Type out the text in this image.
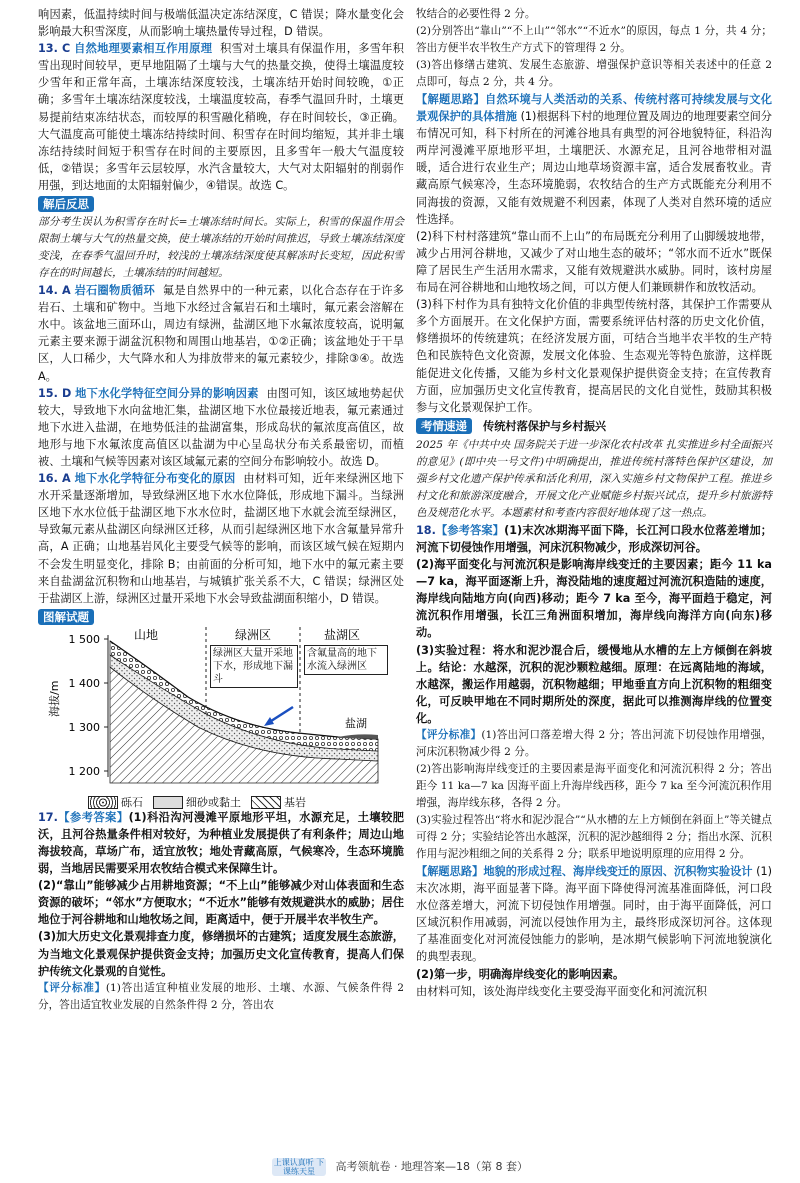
响因素，低温持续时间与极端低温决定冻结深度，C 错误；降水量变化会影响最大积雪深度，从而影响土壤热量传导过程，D 错误。

13. C 自然地理要素相互作用原理 积雪对土壤具有保温作用，多雪年积雪出现时间较早，更早地阻隔了土壤与大气的热量交换，使得土壤温度较少雪年和正常年高，土壤冻结深度较浅，土壤冻结开始时间较晚，①正确；多雪年土壤冻结深度较浅，土壤温度较高，春季气温回升时，土壤更易提前结束冻结状态，而较厚的积雪融化稍晚，存在时间较长，③正确。大气温度高可能使土壤冻结持续时间、积雪存在时间均缩短，其并非土壤冻结持续时间短于积雪存在时间的主要原因，且多雪年一般大气温度较低，②错误；多雪年云层较厚，水汽含量较大，大气对太阳辐射的削弱作用强，到达地面的太阳辐射偏少，④错误。故选 C。

解后反思

部分考生误认为积雪存在时长=土壤冻结时间长。实际上，积雪的保温作用会限制土壤与大气的热量交换，使土壤冻结的开始时间推迟，导致土壤冻结深度变浅，在春季气温回升时，较浅的土壤冻结深度使其解冻时长变短，因此积雪存在的时间越长，土壤冻结的时间越短。

14. A 岩石圈物质循环 氟是自然界中的一种元素，以化合态存在于许多岩石、土壤和矿物中。当地下水经过含氟岩石和土壤时，氟元素会溶解在水中。该盆地三面环山，周边有绿洲，盐湖区地下水氟浓度较高，说明氟元素主要来源于湖盆沉积物和周围山地基岩，①②正确；该盆地处于干旱区，人口稀少，大气降水和人为排放带来的氟元素较少，排除③④。故选 A。

15. D 地下水化学特征空间分异的影响因素 由图可知，该区域地势起伏较大，导致地下水向盆地汇集，盐湖区地下水位最接近地表，氟元素通过地下水进入盐湖，在地势低洼的盐湖富集，形成岛状的氟浓度高值区，故地形与地下水氟浓度高值区以盐湖为中心呈岛状分布关系最密切，而植被、土壤和气候等因素对该区域氟元素的空间分布影响较小。故选 D。

16. A 地下水化学特征分布变化的原因 由材料可知，近年来绿洲区地下水开采量逐渐增加，导致绿洲区地下水水位降低，形成地下漏斗。当绿洲区地下水水位低于盐湖区地下水水位时，盐湖区地下水就会流至绿洲区，导致氟元素从盐湖区向绿洲区迁移，从而引起绿洲区地下水含氟量异常升高，A 正确；山地基岩风化主要受气候等的影响，而该区域气候在短期内不会发生明显变化，排除 B；由前面的分析可知，地下水中的氟元素主要来自盐湖盆沉积物和山地基岩，与城镇扩张关系不大，C 错误；绿洲区处于盐湖区上游，绿洲区过量开采地下水会导致盐湖面积缩小，D 错误。

图解试题
1 500
1 400
1 300
1 200
海拔/m
山地	绿洲区	盐湖区
盐湖
绿洲区大量开采地下水，形成地下漏斗
含氟量高的地下水流入绿洲区
砾石	细砂或黏土	基岩

17.【参考答案】(1)科沿沟河漫滩平原地形平坦，水源充足，土壤较肥沃，且河谷热量条件相对较好，为种植业发展提供了有利条件；周边山地海拔较高，草场广布，适宜放牧；地处青藏高原，气候寒冷，生态环境脆弱，当地居民需要采用农牧结合模式来保障生计。

(2)“靠山”能够减少占用耕地资源；“不上山”能够减少对山体表面和生态资源的破坏；“邻水”方便取水；“不近水”能够有效规避洪水的威胁；居住地位于河谷耕地和山地牧场之间，距离适中，便于开展半农半牧生产。

(3)加大历史文化景观排查力度，修缮损坏的古建筑；适度发展生态旅游，为当地文化景观保护提供资金支持；加强历史文化宣传教育，提高人们保护传统文化景观的自觉性。

【评分标准】(1)答出适宜种植业发展的地形、土壤、水源、气候条件得 2 分，答出适宜牧业发展的自然条件得 2 分，答出农

牧结合的必要性得 2 分。

(2)分别答出“靠山”“不上山”“邻水”“不近水”的原因，每点 1 分，共 4 分；答出方便半农半牧生产方式下的管理得 2 分。

(3)答出修缮古建筑、发展生态旅游、增强保护意识等相关表述中的任意 2 点即可，每点 2 分，共 4 分。

【解题思路】自然环境与人类活动的关系、传统村落可持续发展与文化景观保护的具体措施 (1)根据科下村的地理位置及周边的地理要素空间分布情况可知，科下村所在的河滩谷地具有典型的河谷地貌特征，科沿沟两岸河漫滩平原地形平坦，土壤肥沃、水源充足，且河谷地带相对温暖，适合进行农业生产；周边山地草场资源丰富，适合发展畜牧业。青藏高原气候寒冷，生态环境脆弱，农牧结合的生产方式既能充分利用不同海拔的资源，又能有效规避不利因素，体现了人类对自然环境的适应性选择。

(2)科下村村落建筑“靠山而不上山”的布局既充分利用了山脚缓坡地带，减少占用河谷耕地，又减少了对山地生态的破坏；“邻水而不近水”既保障了居民生产生活用水需求，又能有效规避洪水威胁。同时，该村房屋布局在河谷耕地和山地牧场之间，可以方便人们兼顾耕作和放牧活动。

(3)科下村作为具有独特文化价值的非典型传统村落，其保护工作需要从多个方面展开。在文化保护方面，需要系统评估村落的历史文化价值，修缮损坏的传统建筑；在经济发展方面，可结合当地半农半牧的生产特色和民族特色文化资源，发展文化体验、生态观光等特色旅游，这样既能促进文化传播，又能为乡村文化景观保护提供资金支持；在宣传教育方面，应加强历史文化宣传教育，提高居民的文化自觉性，鼓励其积极参与文化景观保护工作。

考情速递	传统村落保护与乡村振兴

2025 年《中共中央 国务院关于进一步深化农村改革 扎实推进乡村全面振兴的意见》(即中央一号文件)中明确提出，推进传统村落特色保护区建设，加强乡村文化遗产保护传承和活化利用，深入实施乡村文物保护工程。推进乡村文化和旅游深度融合，开展文化产业赋能乡村振兴试点，提升乡村旅游特色及规范化水平。本题素材和考查内容很好地体现了这一热点。

18.【参考答案】(1)末次冰期海平面下降，长江河口段水位落差增加；河流下切侵蚀作用增强，河床沉积物减少，形成深切河谷。

(2)海平面变化与河流沉积是影响海岸线变迁的主要因素；距今 11 ka—7 ka，海平面逐渐上升，海没陆地的速度超过河流沉积造陆的速度，海岸线向陆地方向(向西)移动；距今 7 ka 至今，海平面趋于稳定，河流沉积作用增强，长江三角洲面积增加，海岸线向海洋方向(向东)移动。

(3)实验过程：将水和泥沙混合后，缓慢地从水槽的左上方倾倒在斜坡上。结论：水越深，沉积的泥沙颗粒越细。原理：在远离陆地的海域，水越深，搬运作用越弱，沉积物越细；甲地垂直方向上沉积物的粗细变化，可反映甲地在不同时期所处的深度，据此可以推测海岸线的位置变化。

【评分标准】(1)答出河口落差增大得 2 分；答出河流下切侵蚀作用增强，河床沉积物减少得 2 分。

(2)答出影响海岸线变迁的主要因素是海平面变化和河流沉积得 2 分；答出距今 11 ka—7 ka 因海平面上升海岸线西移，距今 7 ka 至今河流沉积作用增强，海岸线东移，各得 2 分。

(3)实验过程答出“将水和泥沙混合”“从水槽的左上方倾倒在斜面上”等关键点可得 2 分；实验结论答出水越深，沉积的泥沙越细得 2 分；指出水深、沉积作用与泥沙粗细之间的关系得 2 分；联系甲地说明原理的应用得 2 分。

【解题思路】地貌的形成过程、海岸线变迁的原因、沉积物实验设计 (1)末次冰期，海平面显著下降。海平面下降使得河流基准面降低，河口段水位落差增大，河流下切侵蚀作用增强。同时，由于海平面降低，河口区域沉积作用减弱，河流以侵蚀作用为主，最终形成深切河谷。这体现了基准面变化对河流侵蚀能力的影响，是冰期气候影响下河流地貌演化的典型表现。

(2)第一步，明确海岸线变化的影响因素。

由材料可知，该处海岸线变化主要受海平面变化和河流沉积

上课认真听 下课练天星 高考领航卷 · 地理答案—18（第 8 套）
